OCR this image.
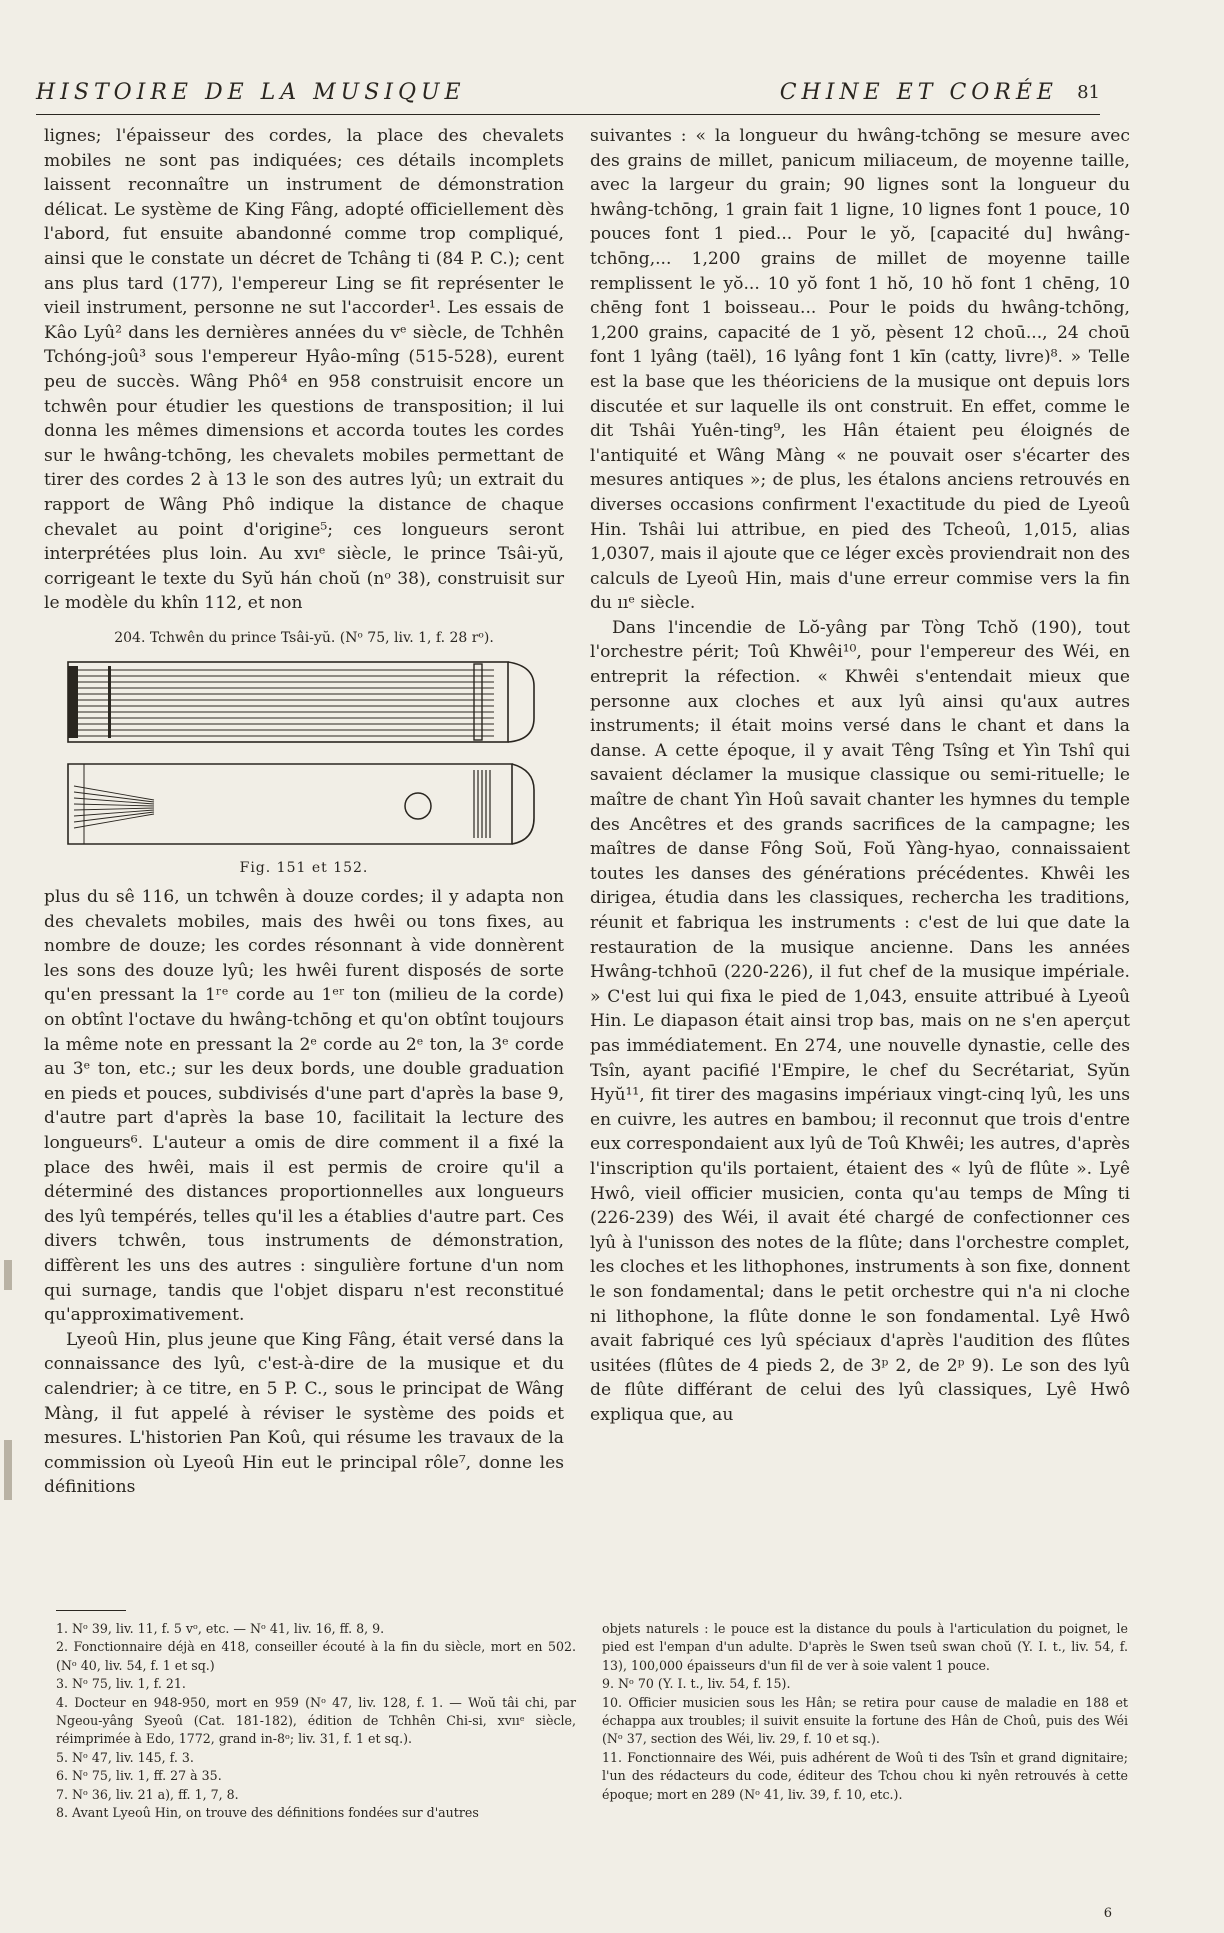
HISTOIRE DE LA MUSIQUE	CHINE ET CORÉE 81

lignes; l'épaisseur des cordes, la place des chevalets mobiles ne sont pas indiquées; ces détails incomplets laissent reconnaître un instrument de démonstration délicat. Le système de King Fâng, adopté officiellement dès l'abord, fut ensuite abandonné comme trop compliqué, ainsi que le constate un décret de Tchâng ti (84 P. C.); cent ans plus tard (177), l'empereur Ling se fit représenter le vieil instrument, personne ne sut l'accorder¹. Les essais de Kâo Lyû² dans les dernières années du vᵉ siècle, de Tchhên Tchóng-joû³ sous l'empereur Hyâo-mîng (515-528), eurent peu de succès. Wâng Phô⁴ en 958 construisit encore un tchwên pour étudier les questions de transposition; il lui donna les mêmes dimensions et accorda toutes les cordes sur le hwâng-tchōng, les chevalets mobiles permettant de tirer des cordes 2 à 13 le son des autres lyû; un extrait du rapport de Wâng Phô indique la distance de chaque chevalet au point d'origine⁵; ces longueurs seront interprétées plus loin. Au xvıᵉ siècle, le prince Tsâi-yŭ, corrigeant le texte du Syŭ hán choŭ (nᵒ 38), construisit sur le modèle du khîn 112, et non

204. Tchwên du prince Tsâi-yŭ. (Nᵒ 75, liv. 1, f. 28 rᵒ).
Fig. 151 et 152.

plus du sê 116, un tchwên à douze cordes; il y adapta non des chevalets mobiles, mais des hwêi ou tons fixes, au nombre de douze; les cordes résonnant à vide donnèrent les sons des douze lyû; les hwêi furent disposés de sorte qu'en pressant la 1ʳᵉ corde au 1ᵉʳ ton (milieu de la corde) on obtînt l'octave du hwâng-tchōng et qu'on obtînt toujours la même note en pressant la 2ᵉ corde au 2ᵉ ton, la 3ᵉ corde au 3ᵉ ton, etc.; sur les deux bords, une double graduation en pieds et pouces, subdivisés d'une part d'après la base 9, d'autre part d'après la base 10, facilitait la lecture des longueurs⁶. L'auteur a omis de dire comment il a fixé la place des hwêi, mais il est permis de croire qu'il a déterminé des distances proportionnelles aux longueurs des lyû tempérés, telles qu'il les a établies d'autre part. Ces divers tchwên, tous instruments de démonstration, diffèrent les uns des autres : singulière fortune d'un nom qui surnage, tandis que l'objet disparu n'est reconstitué qu'approximativement.

Lyeoû Hin, plus jeune que King Fâng, était versé dans la connaissance des lyû, c'est-à-dire de la musique et du calendrier; à ce titre, en 5 P. C., sous le principat de Wâng Màng, il fut appelé à réviser le système des poids et mesures. L'historien Pan Koû, qui résume les travaux de la commission où Lyeoû Hin eut le principal rôle⁷, donne les définitions

suivantes : « la longueur du hwâng-tchōng se mesure avec des grains de millet, panicum miliaceum, de moyenne taille, avec la largeur du grain; 90 lignes sont la longueur du hwâng-tchōng, 1 grain fait 1 ligne, 10 lignes font 1 pouce, 10 pouces font 1 pied... Pour le yŏ, [capacité du] hwâng-tchōng,... 1,200 grains de millet de moyenne taille remplissent le yŏ... 10 yŏ font 1 hŏ, 10 hŏ font 1 chēng, 10 chēng font 1 boisseau... Pour le poids du hwâng-tchōng, 1,200 grains, capacité de 1 yŏ, pèsent 12 choū..., 24 choū font 1 lyâng (taël), 16 lyâng font 1 kīn (catty, livre)⁸. » Telle est la base que les théoriciens de la musique ont depuis lors discutée et sur laquelle ils ont construit. En effet, comme le dit Tshâi Yuên-ting⁹, les Hân étaient peu éloignés de l'antiquité et Wâng Màng « ne pouvait oser s'écarter des mesures antiques »; de plus, les étalons anciens retrouvés en diverses occasions confirment l'exactitude du pied de Lyeoû Hin. Tshâi lui attribue, en pied des Tcheoû, 1,015, alias 1,0307, mais il ajoute que ce léger excès proviendrait non des calculs de Lyeoû Hin, mais d'une erreur commise vers la fin du ııᵉ siècle.

Dans l'incendie de Lŏ-yâng par Tòng Tchŏ (190), tout l'orchestre périt; Toû Khwêi¹⁰, pour l'empereur des Wéi, en entreprit la réfection. « Khwêi s'entendait mieux que personne aux cloches et aux lyû ainsi qu'aux autres instruments; il était moins versé dans le chant et dans la danse. A cette époque, il y avait Têng Tsîng et Yìn Tshî qui savaient déclamer la musique classique ou semi-rituelle; le maître de chant Yìn Hoû savait chanter les hymnes du temple des Ancêtres et des grands sacrifices de la campagne; les maîtres de danse Fông Soŭ, Foŭ Yàng-hyao, connaissaient toutes les danses des générations précédentes. Khwêi les dirigea, étudia dans les classiques, rechercha les traditions, réunit et fabriqua les instruments : c'est de lui que date la restauration de la musique ancienne. Dans les années Hwâng-tchhoū (220-226), il fut chef de la musique impériale. » C'est lui qui fixa le pied de 1,043, ensuite attribué à Lyeoû Hin. Le diapason était ainsi trop bas, mais on ne s'en aperçut pas immédiatement. En 274, une nouvelle dynastie, celle des Tsîn, ayant pacifié l'Empire, le chef du Secrétariat, Syŭn Hyŭ¹¹, fit tirer des magasins impériaux vingt-cinq lyû, les uns en cuivre, les autres en bambou; il reconnut que trois d'entre eux correspondaient aux lyû de Toû Khwêi; les autres, d'après l'inscription qu'ils portaient, étaient des « lyû de flûte ». Lyê Hwô, vieil officier musicien, conta qu'au temps de Mîng ti (226-239) des Wéi, il avait été chargé de confectionner ces lyû à l'unisson des notes de la flûte; dans l'orchestre complet, les cloches et les lithophones, instruments à son fixe, donnent le son fondamental; dans le petit orchestre qui n'a ni cloche ni lithophone, la flûte donne le son fondamental. Lyê Hwô avait fabriqué ces lyû spéciaux d'après l'audition des flûtes usitées (flûtes de 4 pieds 2, de 3ᵖ 2, de 2ᵖ 9). Le son des lyû de flûte différant de celui des lyû classiques, Lyê Hwô expliqua que, au

1. Nᵒ 39, liv. 11, f. 5 vᵒ, etc. — Nᵒ 41, liv. 16, ff. 8, 9.

2. Fonctionnaire déjà en 418, conseiller écouté à la fin du siècle, mort en 502. (Nᵒ 40, liv. 54, f. 1 et sq.)

3. Nᵒ 75, liv. 1, f. 21.

4. Docteur en 948-950, mort en 959 (Nᵒ 47, liv. 128, f. 1. — Woŭ tâi chi, par Ngeou-yâng Syeoû (Cat. 181-182), édition de Tchhên Chi-si, xvııᵉ siècle, réimprimée à Edo, 1772, grand in-8ᵒ; liv. 31, f. 1 et sq.).

5. Nᵒ 47, liv. 145, f. 3.

6. Nᵒ 75, liv. 1, ff. 27 à 35.

7. Nᵒ 36, liv. 21 a), ff. 1, 7, 8.

8. Avant Lyeoû Hin, on trouve des définitions fondées sur d'autres

objets naturels : le pouce est la distance du pouls à l'articulation du poignet, le pied est l'empan d'un adulte. D'après le Swen tseû swan choŭ (Y. I. t., liv. 54, f. 13), 100,000 épaisseurs d'un fil de ver à soie valent 1 pouce.

9. Nᵒ 70 (Y. I. t., liv. 54, f. 15).

10. Officier musicien sous les Hân; se retira pour cause de maladie en 188 et échappa aux troubles; il suivit ensuite la fortune des Hân de Choû, puis des Wéi (Nᵒ 37, section des Wéi, liv. 29, f. 10 et sq.).

11. Fonctionnaire des Wéi, puis adhérent de Woû ti des Tsîn et grand dignitaire; l'un des rédacteurs du code, éditeur des Tchou chou ki nyên retrouvés à cette époque; mort en 289 (Nᵒ 41, liv. 39, f. 10, etc.).

6
